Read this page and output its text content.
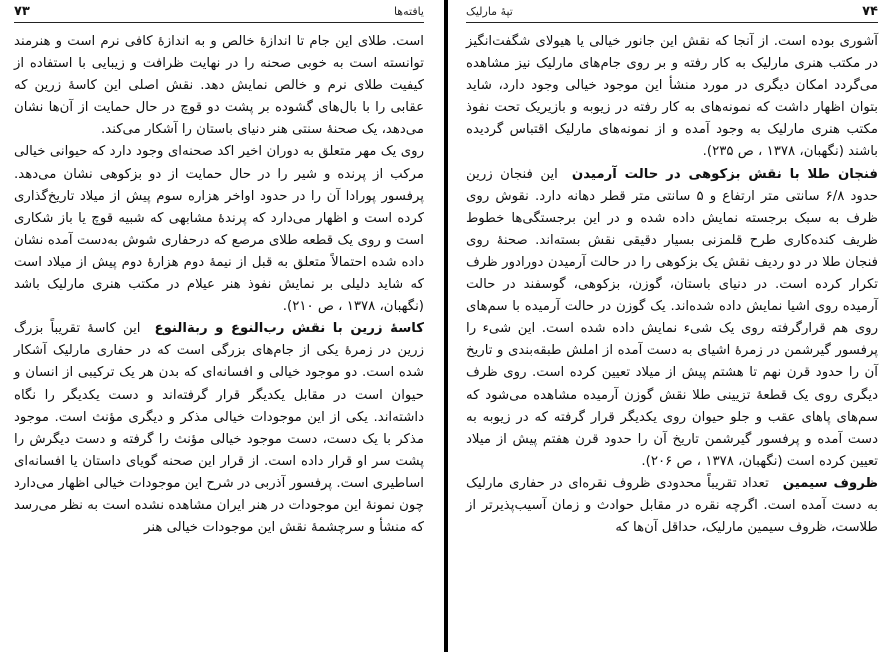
یافته‌ها
۷۳

است. طلای این جام تا اندازهٔ خالص و به اندازهٔ کافی نرم است و هنرمند توانسته است به خوبی صحنه را در نهایت ظرافت و زیبایی با استفاده از کیفیت طلای نرم و خالص نمایش دهد. نقش اصلی این کاسهٔ زرین که عقابی را با بال‌های گشوده بر پشت دو قوچ در حال حمایت از آن‌ها نشان می‌دهد، یک صحنهٔ سنتی هنر دنیای باستان را آشکار می‌کند.

روی یک مهر متعلق به دوران اخیر اکد صحنه‌ای وجود دارد که حیوانی خیالی مرکب از پرنده و شیر را در حال حمایت از دو بزکوهی نشان می‌دهد. پرفسور پورادا آن را در حدود اواخر هزاره سوم پیش از میلاد تاریخ‌گذاری کرده است و اظهار می‌دارد که پرندهٔ مشابهی که شبیه قوچ یا باز شکاری است و روی یک قطعه طلای مرصع که درحفاری شوش به‌دست آمده نشان داده شده احتمالاً متعلق به قبل از نیمهٔ دوم هزارهٔ دوم پیش از میلاد است که شاید دلیلی بر نمایش نفوذ هنر عیلام در مکتب هنری مارلیک باشد (نگهبان، ۱۳۷۸ ، ص ۲۱۰).

کاسهٔ زرین با نقش رب‌النوع و ربةالنوعاین کاسهٔ تقریباً بزرگ زرین در زمرهٔ یکی از جام‌های بزرگی است که در حفاری مارلیک آشکار شده است. دو موجود خیالی و افسانه‌ای که بدن هر یک ترکیبی از انسان و حیوان است در مقابل یکدیگر قرار گرفته‌اند و دست یکدیگر را نگاه داشته‌اند. یکی از این موجودات خیالی مذکر و دیگری مؤنث است. موجود مذکر با یک دست، دست موجود خیالی مؤنث را گرفته و دست دیگرش را پشت سر او قرار داده است. از قرار این صحنه گویای داستان یا افسانه‌ای اساطیری است. پرفسور آذربی در شرح این موجودات خیالی اظهار می‌دارد چون نمونهٔ این موجودات در هنر ایران مشاهده نشده است به نظر می‌رسد که منشأ و سرچشمهٔ نقش این موجودات خیالی هنر

۷۴
تپهٔ مارلیک

آشوری بوده است. از آنجا که نقش این جانور خیالی یا هیولای شگفت‌انگیز در مکتب هنری مارلیک به کار رفته و بر روی جام‌های مارلیک نیز مشاهده می‌گردد امکان دیگری در مورد منشأ این موجود خیالی وجود دارد، شاید بتوان اظهار داشت که نمونه‌های به کار رفته در زیوبه و بازیریک تحت نفوذ مکتب هنری مارلیک به وجود آمده و از نمونه‌های مارلیک اقتباس گردیده باشند (نگهبان، ۱۳۷۸ ، ص ۲۳۵).

فنجان طلا با نقش بزکوهی در حالت آرمیدناین فنجان زرین حدود ۶/۸ سانتی متر ارتفاع و ۵ سانتی متر قطر دهانه دارد. نقوش روی ظرف به سبک برجسته نمایش داده شده و در این برجستگی‌ها خطوط ظریف کنده‌کاری طرح قلمزنی بسیار دقیقی نقش بسته‌اند. صحنهٔ روی فنجان طلا در دو ردیف نقش یک بزکوهی را در حالت آرمیدن دورادور ظرف تکرار کرده است. در دنیای باستان، گوزن، بزکوهی، گوسفند در حالت آرمیده روی اشیا نمایش داده شده‌اند. یک گوزن در حالت آرمیده با سم‌های روی هم قرارگرفته روی یک شیء نمایش داده شده است. این شیء را پرفسور گیرشمن در زمرهٔ اشیای به دست آمده از املش طبقه‌بندی و تاریخ آن را حدود قرن نهم تا هشتم پیش از میلاد تعیین کرده است. روی ظرف دیگری روی یک قطعهٔ تزیینی طلا نقش گوزن آرمیده مشاهده می‌شود که سم‌های پاهای عقب و جلو حیوان روی یکدیگر قرار گرفته که در زیوبه به دست آمده و پرفسور گیرشمن تاریخ آن را حدود قرن هفتم پیش از میلاد تعیین کرده است (نگهبان، ۱۳۷۸ ، ص ۲۰۶).

ظروف سیمینتعداد تقریباً محدودی ظروف نقره‌ای در حفاری مارلیک به دست آمده است. اگرچه نقره در مقابل حوادث و زمان آسیب‌پذیرتر از طلاست، ظروف سیمین مارلیک، حداقل آن‌ها که
